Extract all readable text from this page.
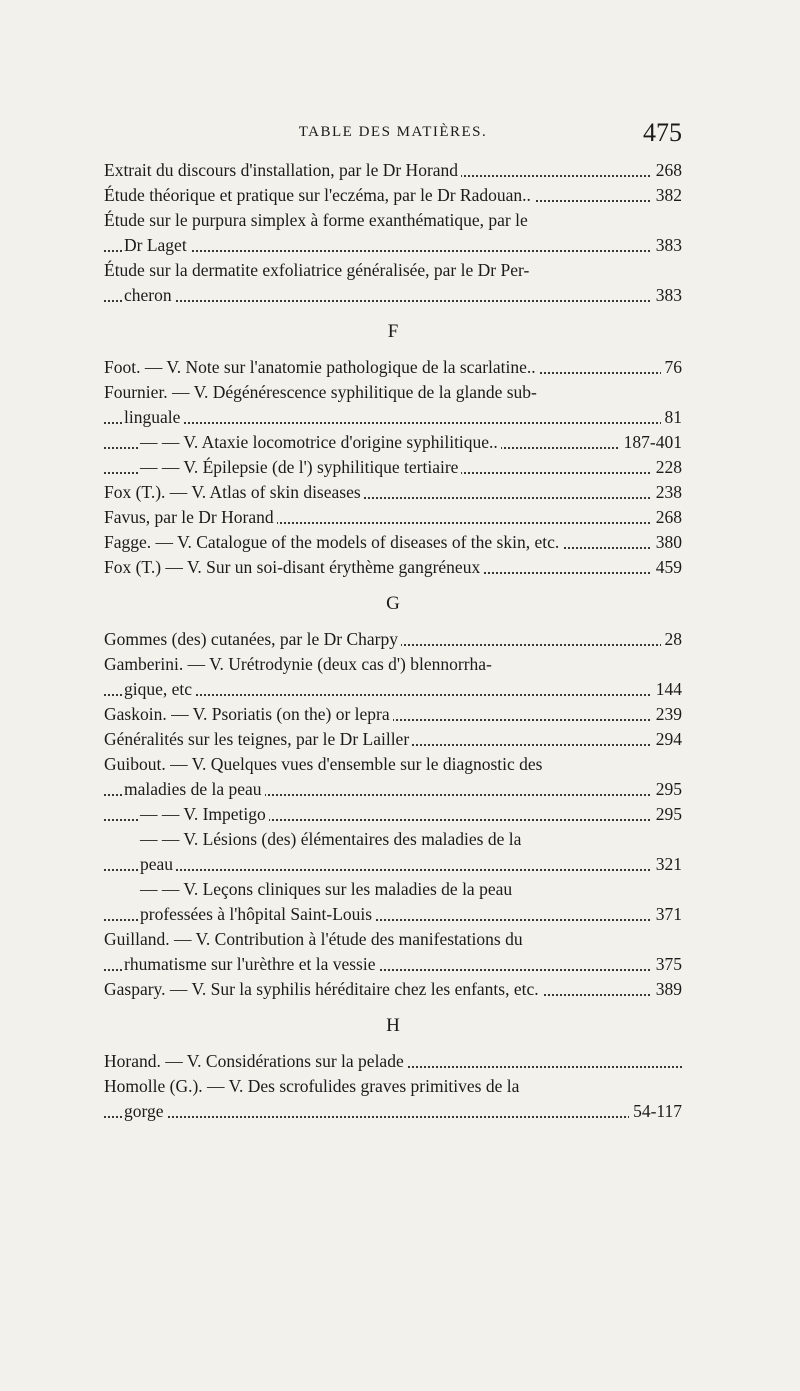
TABLE DES MATIÈRES.	475
Extrait du discours d'installation, par le Dr Horand	268
Étude théorique et pratique sur l'eczéma, par le Dr Radouan..	382
Étude sur le purpura simplex à forme exanthématique, par le
Dr Laget	383
Étude sur la dermatite exfoliatrice généralisée, par le Dr Per-
cheron	383
F
Foot. — V. Note sur l'anatomie pathologique de la scarlatine..	76
Fournier. — V. Dégénérescence syphilitique de la glande sub-
linguale	81
— — V. Ataxie locomotrice d'origine syphilitique..	187-401
— — V. Épilepsie (de l') syphilitique tertiaire	228
Fox (T.). — V. Atlas of skin diseases	238
Favus, par le Dr Horand	268
Fagge. — V. Catalogue of the models of diseases of the skin, etc.	380
Fox (T.) — V. Sur un soi-disant érythème gangréneux	459
G
Gommes (des) cutanées, par le Dr Charpy	28
Gamberini. — V. Urétrodynie (deux cas d') blennorrha-
gique, etc	144
Gaskoin. — V. Psoriatis (on the) or lepra	239
Généralités sur les teignes, par le Dr Lailler	294
Guibout. — V. Quelques vues d'ensemble sur le diagnostic des
maladies de la peau	295
— — V. Impetigo	295
— — V. Lésions (des) élémentaires des maladies de la
peau	321
— — V. Leçons cliniques sur les maladies de la peau
professées à l'hôpital Saint-Louis	371
Guilland. — V. Contribution à l'étude des manifestations du
rhumatisme sur l'urèthre et la vessie	375
Gaspary. — V. Sur la syphilis héréditaire chez les enfants, etc.	389
H
Horand. — V. Considérations sur la pelade
Homolle (G.). — V. Des scrofulides graves primitives de la
gorge	54-117
